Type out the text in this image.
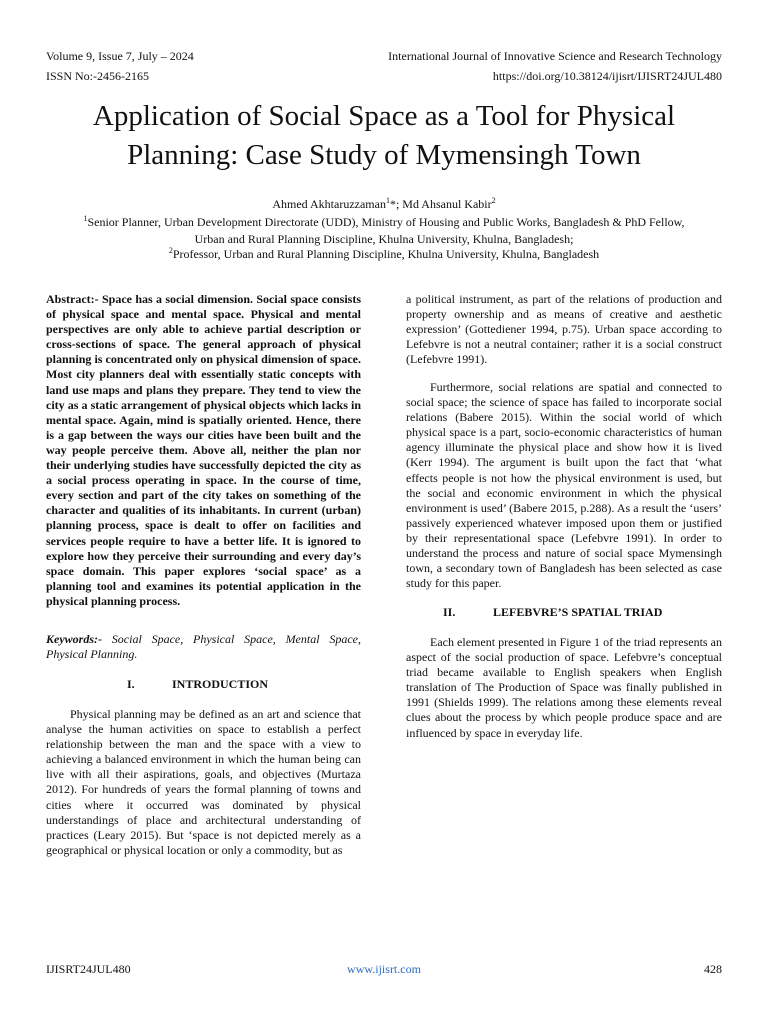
Volume 9, Issue 7, July – 2024
ISSN No:-2456-2165
International Journal of Innovative Science and Research Technology
https://doi.org/10.38124/ijisrt/IJISRT24JUL480
Application of Social Space as a Tool for Physical
Planning: Case Study of Mymensingh Town
Ahmed Akhtaruzzaman$^1$*; Md Ahsanul Kabir$^2$
$^1$Senior Planner, Urban Development Directorate (UDD), Ministry of Housing and Public Works, Bangladesh & PhD Fellow,
Urban and Rural Planning Discipline, Khulna University, Khulna, Bangladesh;
$^2$Professor, Urban and Rural Planning Discipline, Khulna University, Khulna, Bangladesh

Abstract:- Space has a social dimension. Social space consists of physical space and mental space. Physical and mental perspectives are only able to achieve partial description or cross-sections of space. The general approach of physical planning is concentrated only on physical dimension of space. Most city planners deal with essentially static concepts with land use maps and plans they prepare. They tend to view the city as a static arrangement of physical objects which lacks in mental space. Again, mind is spatially oriented. Hence, there is a gap between the ways our cities have been built and the way people perceive them. Above all, neither the plan nor their underlying studies have successfully depicted the city as a social process operating in space. In the course of time, every section and part of the city takes on something of the character and qualities of its inhabitants. In current (urban) planning process, space is dealt to offer on facilities and services people require to have a better life. It is ignored to explore how they perceive their surrounding and every day’s space domain. This paper explores ‘social space’ as a planning tool and examines its potential application in the physical planning process.

Keywords:- Social Space, Physical Space, Mental Space, Physical Planning.

I.	INTRODUCTION

Physical planning may be defined as an art and science that analyse the human activities on space to establish a perfect relationship between the man and the space with a view to achieving a balanced environment in which the human being can live with all their aspirations, goals, and objectives (Murtaza 2012). For hundreds of years the formal planning of towns and cities where it occurred was dominated by physical understandings of place and architectural understanding of practices (Leary 2015). But ‘space is not depicted merely as a geographical or physical location or only a commodity, but as

a political instrument, as part of the relations of production and property ownership and as means of creative and aesthetic expression’ (Gottediener 1994, p.75). Urban space according to Lefebvre is not a neutral container; rather it is a social construct (Lefebvre 1991).

Furthermore, social relations are spatial and connected to social space; the science of space has failed to incorporate social relations (Babere 2015). Within the social world of which physical space is a part, socio-economic characteristics of human agency illuminate the physical place and show how it is lived (Kerr 1994). The argument is built upon the fact that ‘what effects people is not how the physical environment is used, but the social and economic environment in which the physical environment is used’ (Babere 2015, p.288). As a result the ‘users’ passively experienced whatever imposed upon them or justified by their representational space (Lefebvre 1991). In order to understand the process and nature of social space Mymensingh town, a secondary town of Bangladesh has been selected as case study for this paper.

II.	LEFEBVRE’S SPATIAL TRIAD

Each element presented in Figure 1 of the triad represents an aspect of the social production of space. Lefebvre’s conceptual triad became available to English speakers when English translation of The Production of Space was finally published in 1991 (Shields 1999). The relations among these elements reveal clues about the process by which people produce space and are influenced by space in everyday life.

IJISRT24JUL480	www.ijisrt.com	428
